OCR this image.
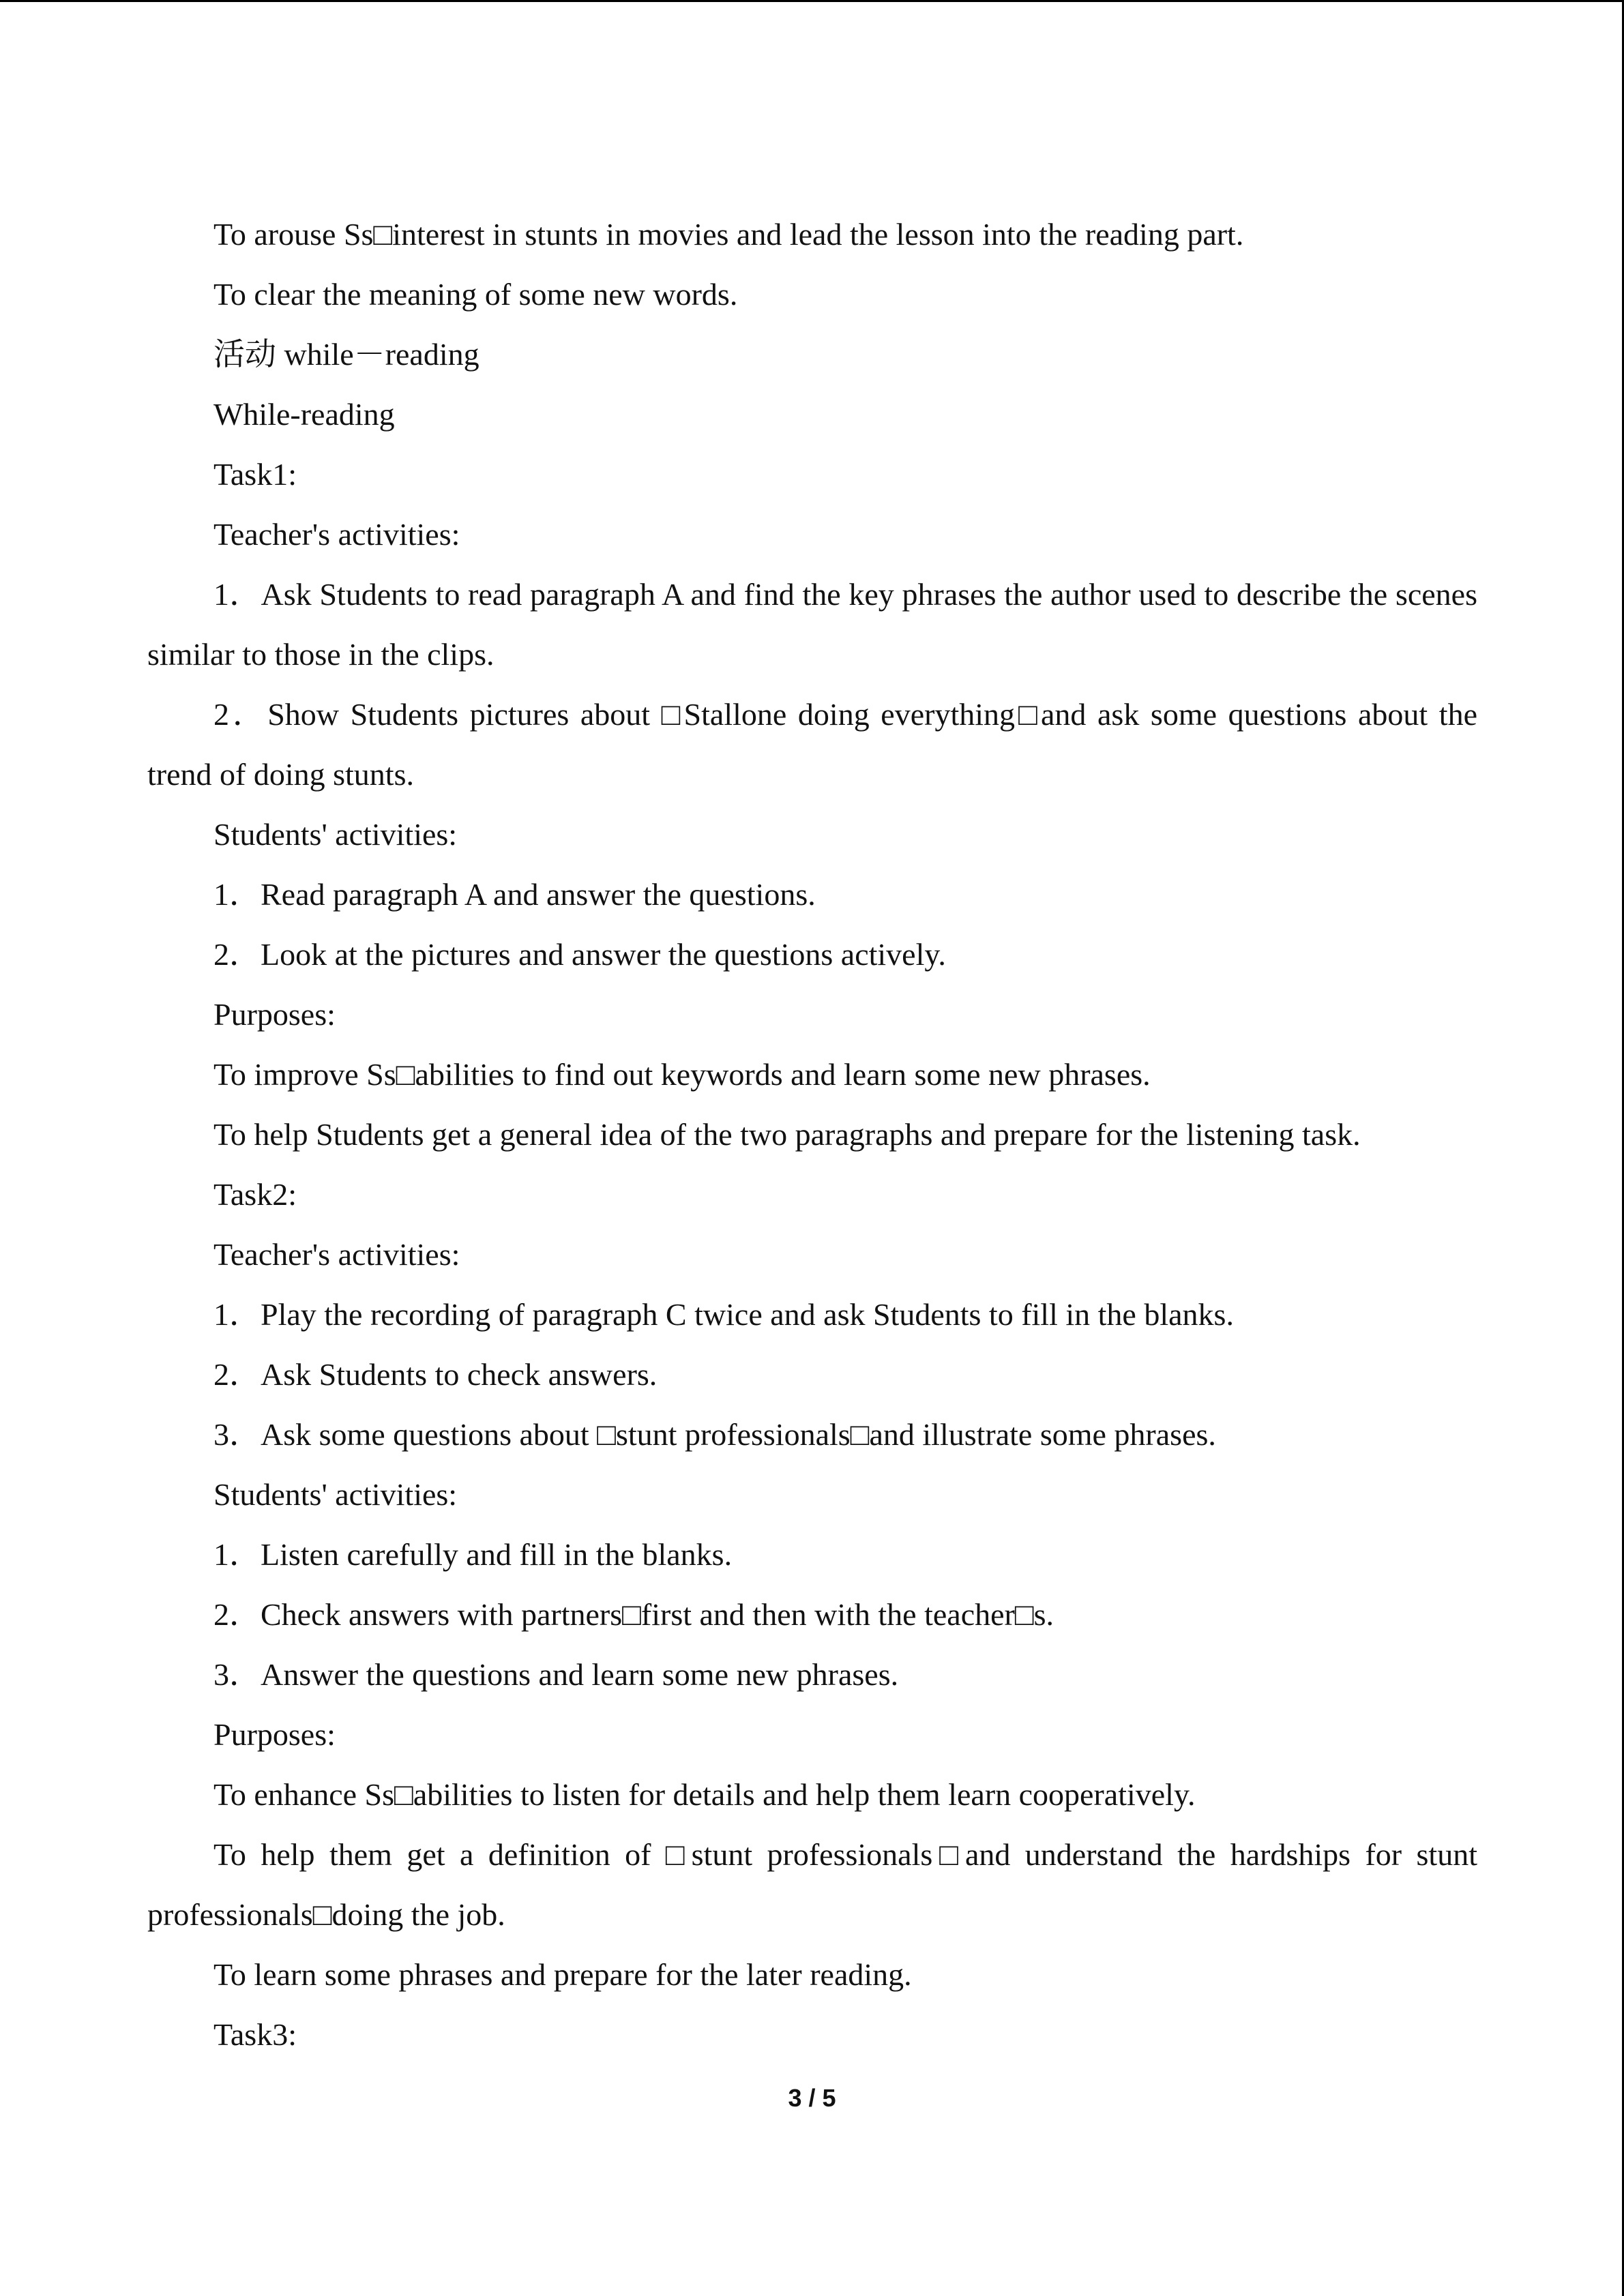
To arouse Ss□interest in stunts in movies and lead the lesson into the reading part.

To clear the meaning of some new words.

活动 while－reading

While-reading

Task1:

Teacher's activities:

1．Ask Students to read paragraph A and find the key phrases the author used to describe the scenes similar to those in the clips.

2．Show Students pictures about □Stallone doing everything□and ask some questions about the trend of doing stunts.

Students' activities:

1．Read paragraph A and answer the questions.

2．Look at the pictures and answer the questions actively.

Purposes:

To improve Ss□abilities to find out keywords and learn some new phrases.

To help Students get a general idea of the two paragraphs and prepare for the listening task.

Task2:

Teacher's activities:

1．Play the recording of paragraph C twice and ask Students to fill in the blanks.

2．Ask Students to check answers.

3．Ask some questions about □stunt professionals□and illustrate some phrases.

Students' activities:

1．Listen carefully and fill in the blanks.

2．Check answers with partners□first and then with the teacher□s.

3．Answer the questions and learn some new phrases.

Purposes:

To enhance Ss□abilities to listen for details and help them learn cooperatively.

To help them get a definition of □stunt professionals□and understand the hardships for stunt professionals□doing the job.

To learn some phrases and prepare for the later reading.

Task3:

3 / 5
